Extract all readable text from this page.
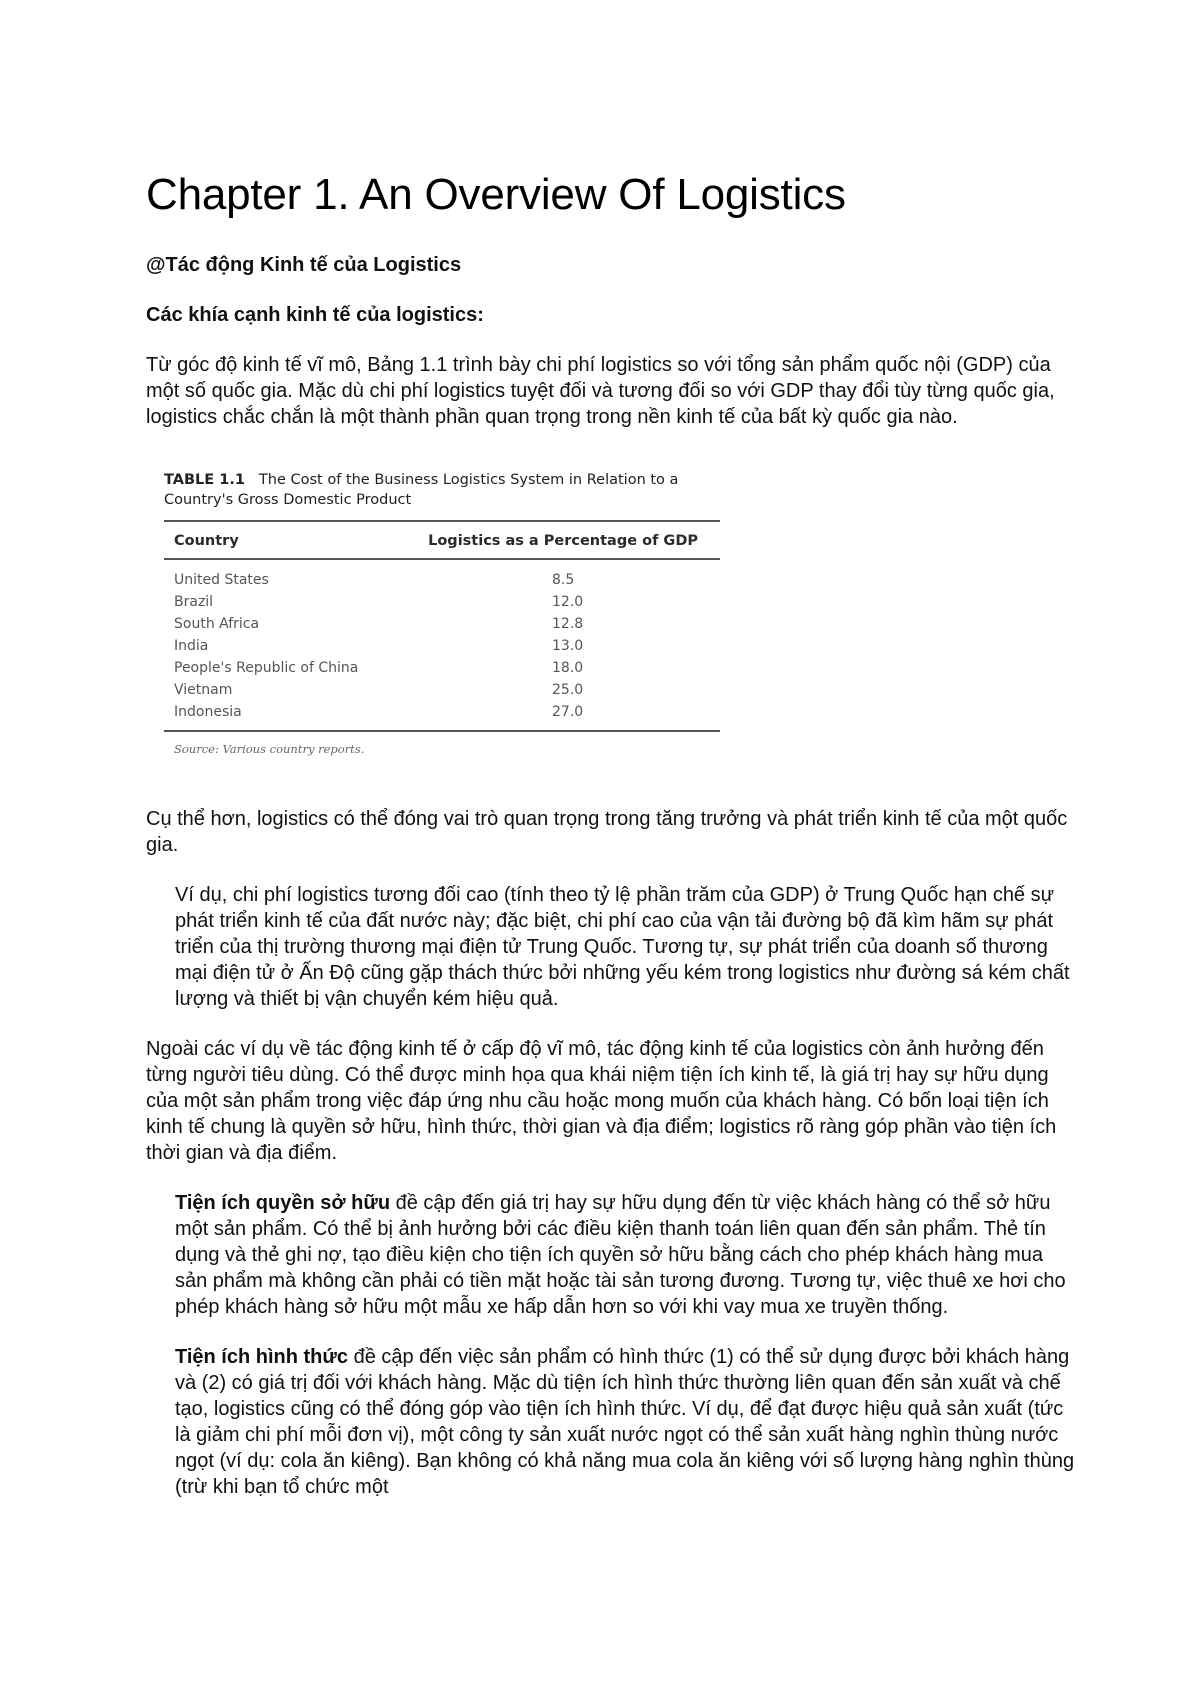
Chapter 1. An Overview Of Logistics
@Tác động Kinh tế của Logistics
Các khía cạnh kinh tế của logistics:

Từ góc độ kinh tế vĩ mô, Bảng 1.1 trình bày chi phí logistics so với tổng sản phẩm quốc nội (GDP) của một số quốc gia. Mặc dù chi phí logistics tuyệt đối và tương đối so với GDP thay đổi tùy từng quốc gia, logistics chắc chắn là một thành phần quan trọng trong nền kinh tế của bất kỳ quốc gia nào.

TABLE 1.1 The Cost of the Business Logistics System in Relation to a Country's Gross Domestic Product
Country	Logistics as a Percentage of GDP
United States	8.5
Brazil	12.0
South Africa	12.8
India	13.0
People's Republic of China	18.0
Vietnam	25.0
Indonesia	27.0
Source: Various country reports.

Cụ thể hơn, logistics có thể đóng vai trò quan trọng trong tăng trưởng và phát triển kinh tế của một quốc gia.

Ví dụ, chi phí logistics tương đối cao (tính theo tỷ lệ phần trăm của GDP) ở Trung Quốc hạn chế sự phát triển kinh tế của đất nước này; đặc biệt, chi phí cao của vận tải đường bộ đã kìm hãm sự phát triển của thị trường thương mại điện tử Trung Quốc. Tương tự, sự phát triển của doanh số thương mại điện tử ở Ấn Độ cũng gặp thách thức bởi những yếu kém trong logistics như đường sá kém chất lượng và thiết bị vận chuyển kém hiệu quả.

Ngoài các ví dụ về tác động kinh tế ở cấp độ vĩ mô, tác động kinh tế của logistics còn ảnh hưởng đến từng người tiêu dùng. Có thể được minh họa qua khái niệm tiện ích kinh tế, là giá trị hay sự hữu dụng của một sản phẩm trong việc đáp ứng nhu cầu hoặc mong muốn của khách hàng. Có bốn loại tiện ích kinh tế chung là quyền sở hữu, hình thức, thời gian và địa điểm; logistics rõ ràng góp phần vào tiện ích thời gian và địa điểm.

Tiện ích quyền sở hữu đề cập đến giá trị hay sự hữu dụng đến từ việc khách hàng có thể sở hữu một sản phẩm. Có thể bị ảnh hưởng bởi các điều kiện thanh toán liên quan đến sản phẩm. Thẻ tín dụng và thẻ ghi nợ, tạo điều kiện cho tiện ích quyền sở hữu bằng cách cho phép khách hàng mua sản phẩm mà không cần phải có tiền mặt hoặc tài sản tương đương. Tương tự, việc thuê xe hơi cho phép khách hàng sở hữu một mẫu xe hấp dẫn hơn so với khi vay mua xe truyền thống.

Tiện ích hình thức đề cập đến việc sản phẩm có hình thức (1) có thể sử dụng được bởi khách hàng và (2) có giá trị đối với khách hàng. Mặc dù tiện ích hình thức thường liên quan đến sản xuất và chế tạo, logistics cũng có thể đóng góp vào tiện ích hình thức. Ví dụ, để đạt được hiệu quả sản xuất (tức là giảm chi phí mỗi đơn vị), một công ty sản xuất nước ngọt có thể sản xuất hàng nghìn thùng nước ngọt (ví dụ: cola ăn kiêng). Bạn không có khả năng mua cola ăn kiêng với số lượng hàng nghìn thùng (trừ khi bạn tổ chức một
